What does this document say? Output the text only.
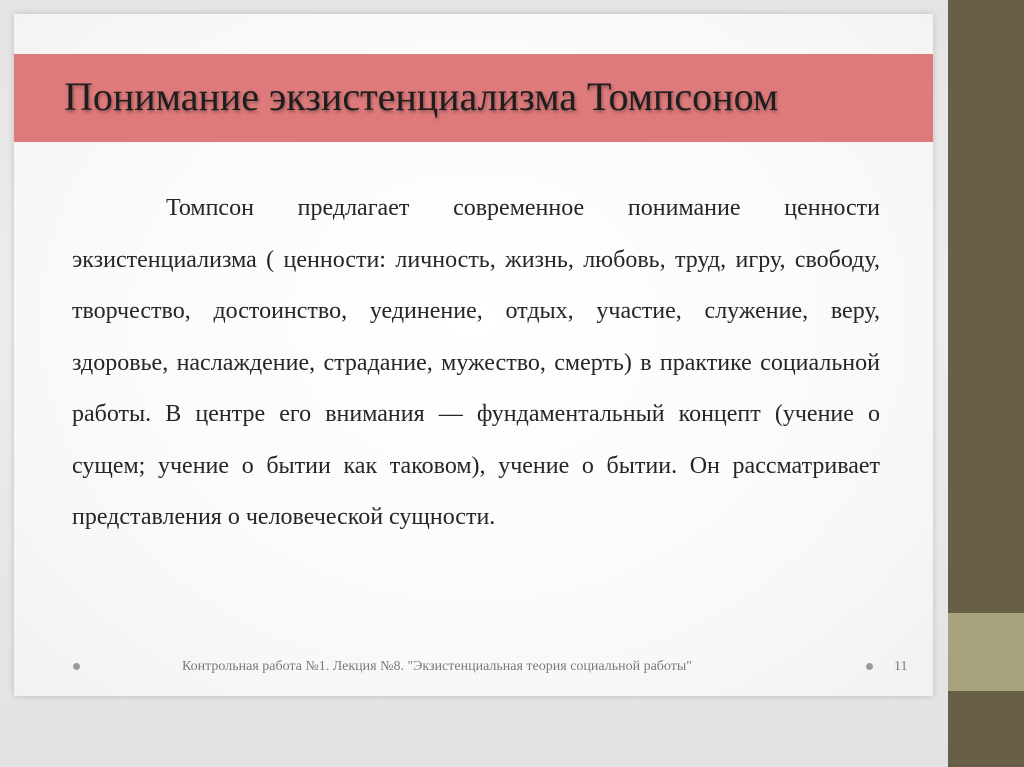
Понимание экзистенциализма Томпсоном

Томпсон предлагает современное понимание ценности экзистенциализма ( ценности: личность, жизнь, любовь, труд, игру, свободу, творчество, достоинство, уединение, отдых, участие, служение, веру, здоровье, наслаждение, страдание, мужество, смерть) в практике социальной работы. В центре его внимания — фундаментальный концепт (учение о сущем; учение о бытии как таковом), учение о бытии. Он рассматривает представления о человеческой сущности.

Контрольная работа №1. Лекция №8. "Экзистенциальная теория социальной работы"	11
